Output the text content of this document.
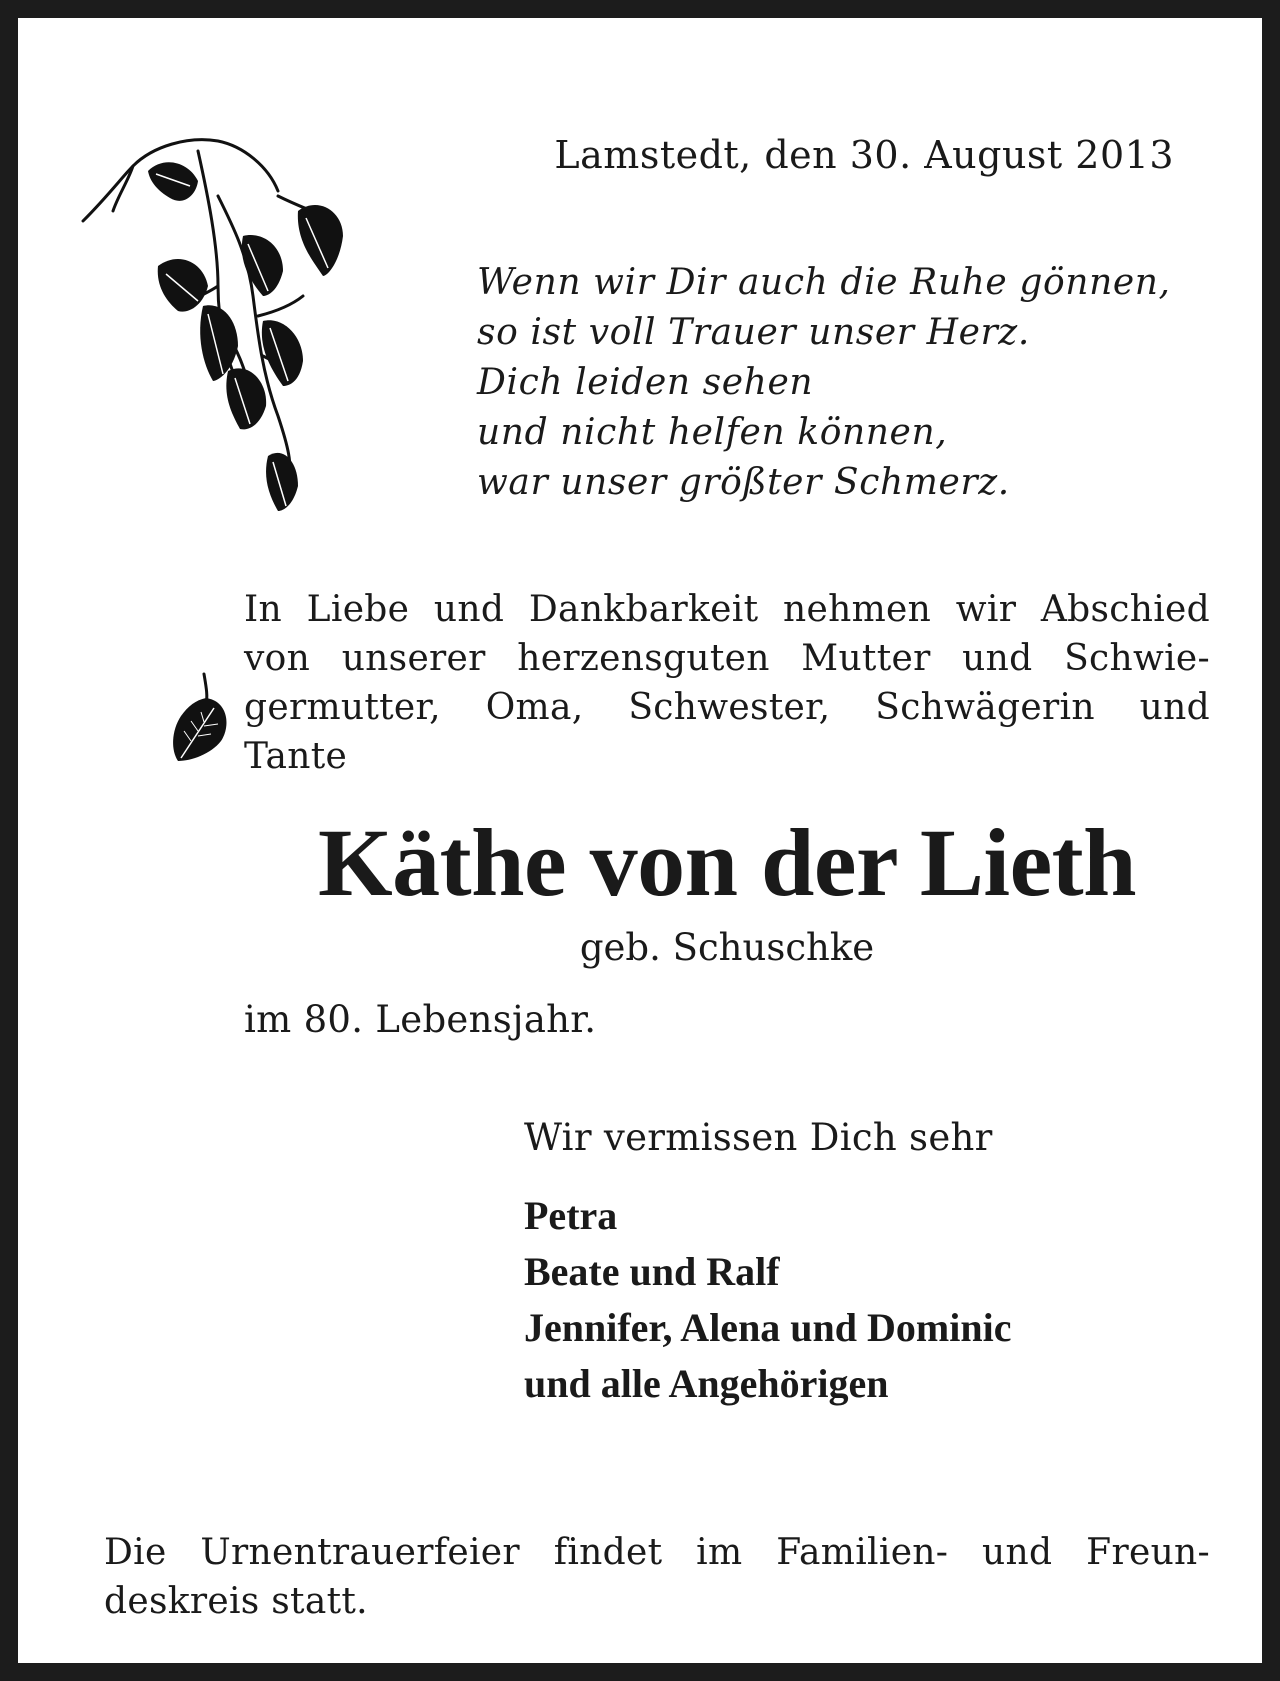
Lamstedt, den 30. August 2013
Wenn wir Dir auch die Ruhe gönnen,
so ist voll Trauer unser Herz.
Dich leiden sehen
und nicht helfen können,
war unser größter Schmerz.
In Liebe und Dankbarkeit nehmen wir Abschied
von unserer herzensguten Mutter und Schwie-
germutter, Oma, Schwester, Schwägerin und
Tante
Käthe von der Lieth
geb. Schuschke
im 80. Lebensjahr.
Wir vermissen Dich sehr
Petra
Beate und Ralf
Jennifer, Alena und Dominic
und alle Angehörigen
Die Urnentrauerfeier findet im Familien- und Freun-
deskreis statt.
